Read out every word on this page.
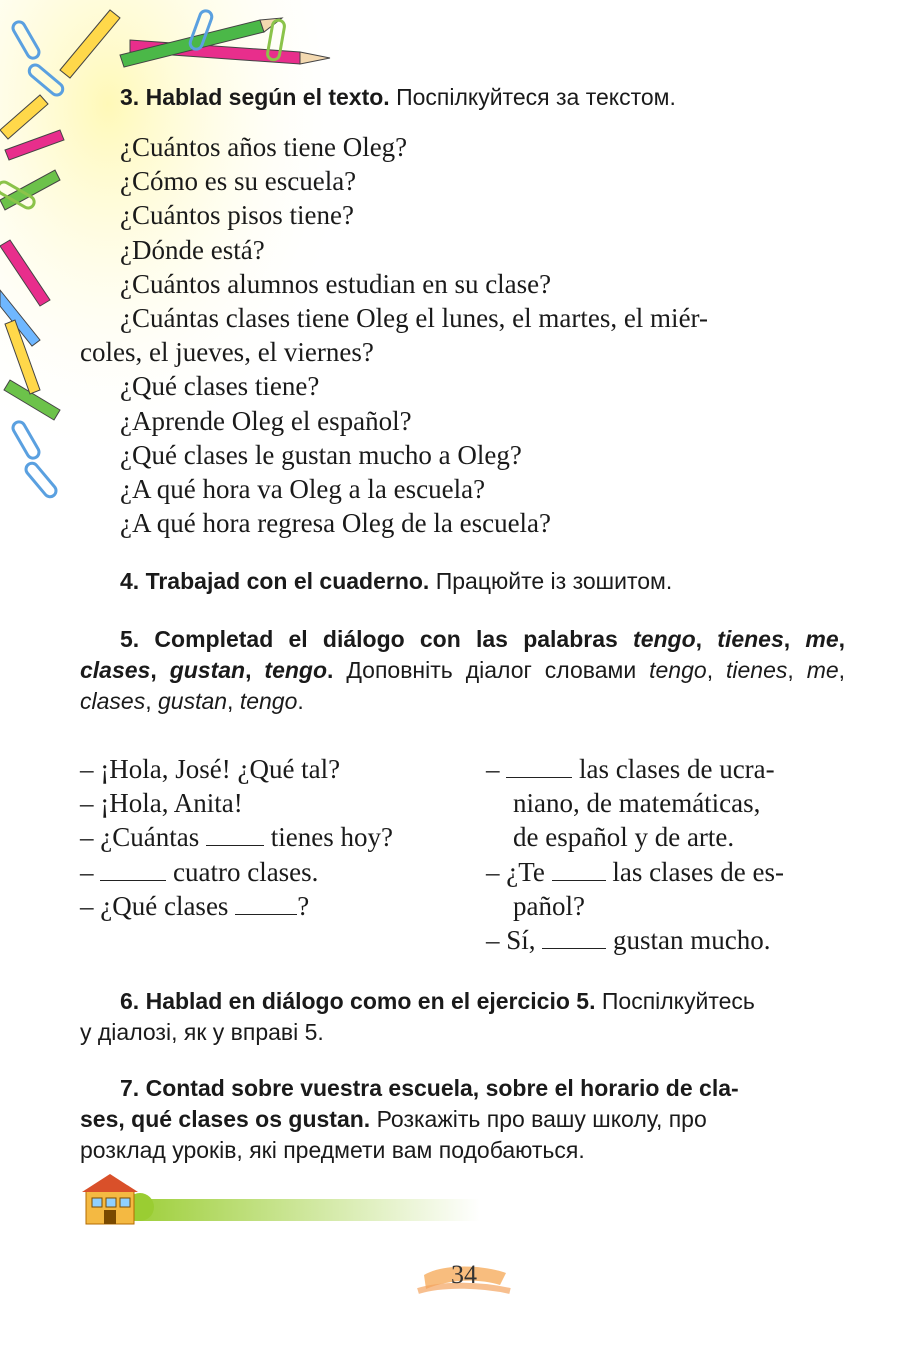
3. Hablad según el texto. Поспілкуйтеся за текстом.
¿Cuántos años tiene Oleg?
¿Cómo es su escuela?
¿Cuántos pisos tiene?
¿Dónde está?
¿Cuántos alumnos estudian en su clase?
¿Cuántas clases tiene Oleg el lunes, el martes, el miér-
coles, el jueves, el viernes?
¿Qué clases tiene?
¿Aprende Oleg el español?
¿Qué clases le gustan mucho a Oleg?
¿A qué hora va Oleg a la escuela?
¿A qué hora regresa Oleg de la escuela?
4. Trabajad con el cuaderno. Працюйте із зошитом.
5. Completad el diálogo con las palabras tengo, tienes, me, clases, gustan, tengo. Доповніть діалог словами tengo, tienes, me, clases, gustan, tengo.
– ¡Hola, José! ¿Qué tal?
– ¡Hola, Anita!
– ¿Cuántas	tienes hoy?
–	cuatro clases.
– ¿Qué clases	?
–	las clases de ucra-
niano, de matemáticas,
de español y de arte.
– ¿Te	las clases de es-
pañol?
– Sí,	gustan mucho.
6. Hablad en diálogo como en el ejercicio 5. Поспілкуйтесь
у діалозі, як у вправі 5.
7. Contad sobre vuestra escuela, sobre el horario de cla-
ses, qué clases os gustan. Розкажіть про вашу школу, про
розклад уроків, які предмети вам подобаються.
34
